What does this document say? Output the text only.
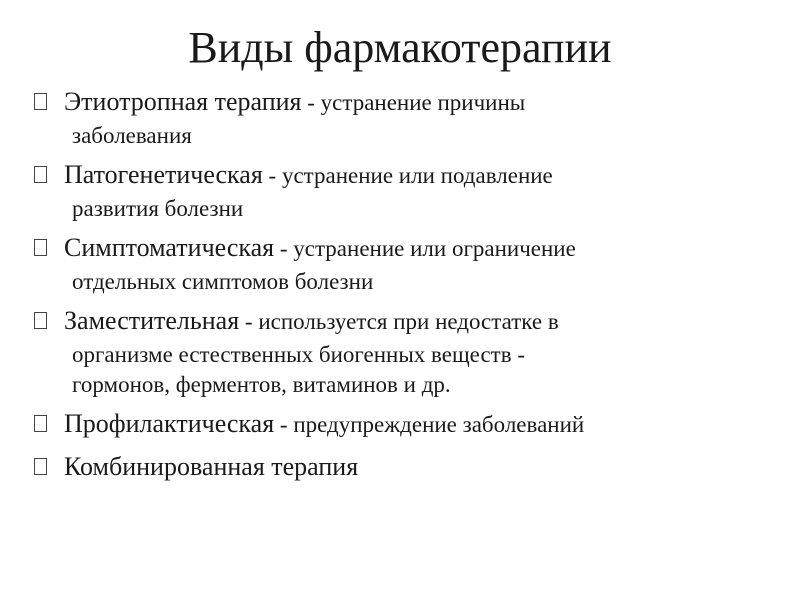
Виды фармакотерапии
Этиотропная терапия - устранение причины
заболевания
Патогенетическая - устранение или подавление
развития болезни
Симптоматическая - устранение или ограничение
отдельных симптомов болезни
Заместительная - используется при недостатке в
организме естественных биогенных веществ -
гормонов, ферментов, витаминов и др.
Профилактическая - предупреждение заболеваний
Комбинированная терапия
